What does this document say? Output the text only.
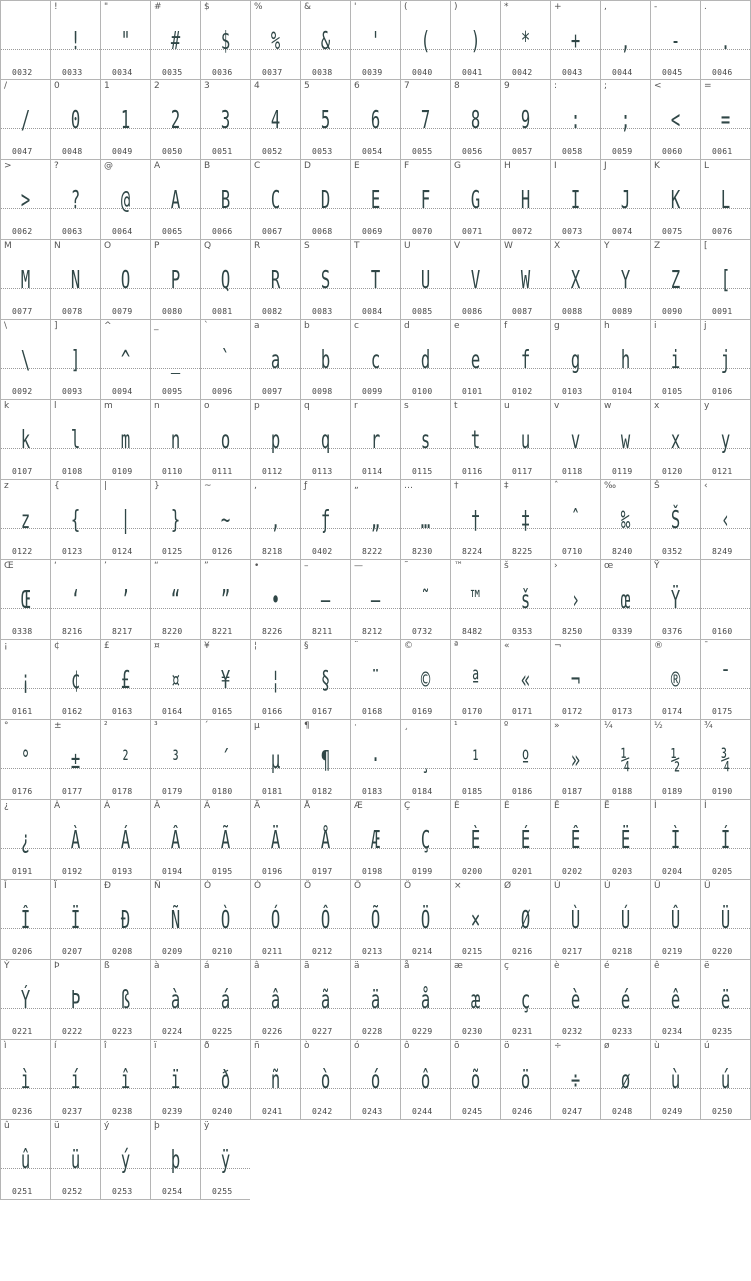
0032
!
!
0033
"
"
0034
#
#
0035
$
$
0036
%
%
0037
&
&
0038
'
'
0039
(
(
0040
)
)
0041
*
*
0042
+
+
0043
,
,
0044
-
-
0045
.
.
0046
/
/
0047
0
0
0048
1
1
0049
2
2
0050
3
3
0051
4
4
0052
5
5
0053
6
6
0054
7
7
0055
8
8
0056
9
9
0057
:
:
0058
;
;
0059
<
<
0060
=
=
0061
>
>
0062
?
?
0063
@
@
0064
A
A
0065
B
B
0066
C
C
0067
D
D
0068
E
E
0069
F
F
0070
G
G
0071
H
H
0072
I
I
0073
J
J
0074
K
K
0075
L
L
0076
M
M
0077
N
N
0078
O
O
0079
P
P
0080
Q
Q
0081
R
R
0082
S
S
0083
T
T
0084
U
U
0085
V
V
0086
W
W
0087
X
X
0088
Y
Y
0089
Z
Z
0090
[
[
0091
\
\
0092
]
]
0093
^
^
0094
_
_
0095
`
`
0096
a
a
0097
b
b
0098
c
c
0099
d
d
0100
e
e
0101
f
f
0102
g
g
0103
h
h
0104
i
i
0105
j
j
0106
k
k
0107
l
l
0108
m
m
0109
n
n
0110
o
o
0111
p
p
0112
q
q
0113
r
r
0114
s
s
0115
t
t
0116
u
u
0117
v
v
0118
w
w
0119
x
x
0120
y
y
0121
z
z
0122
{
{
0123
|
|
0124
}
}
0125
~
~
0126
‚
‚
8218
ƒ
ƒ
0402
„
„
8222
…
…
8230
†
†
8224
‡
‡
8225
ˆ
ˆ
0710
‰
‰
8240
Š
Š
0352
‹
‹
8249
Œ
Œ
0338
‘
‘
8216
’
’
8217
“
“
8220
”
”
8221
•
•
8226
–
–
8211
—
—
8212
˜
˜
0732
™
™
8482
š
š
0353
›
›
8250
œ
œ
0339
Ÿ
Ÿ
0376	0160
¡
¡
0161
¢
¢
0162
£
£
0163
¤
¤
0164
¥
¥
0165
¦
¦
0166
§
§
0167
¨
¨
0168
©
©
0169
ª
ª
0170
«
«
0171
¬
¬
0172	0173
®
®
0174
¯
¯
0175
°
°
0176
±
±
0177
²
²
0178
³
³
0179
´
´
0180
µ
µ
0181
¶
¶
0182
·
·
0183
¸
¸
0184
¹
¹
0185
º
º
0186
»
»
0187
¼
¼
0188
½
½
0189
¾
¾
0190
¿
¿
0191
À
À
0192
Á
Á
0193
Â
Â
0194
Ã
Ã
0195
Ä
Ä
0196
Å
Å
0197
Æ
Æ
0198
Ç
Ç
0199
È
È
0200
É
É
0201
Ê
Ê
0202
Ë
Ë
0203
Ì
Ì
0204
Í
Í
0205
Î
Î
0206
Ï
Ï
0207
Ð
Ð
0208
Ñ
Ñ
0209
Ò
Ò
0210
Ó
Ó
0211
Ô
Ô
0212
Õ
Õ
0213
Ö
Ö
0214
×
×
0215
Ø
Ø
0216
Ù
Ù
0217
Ú
Ú
0218
Û
Û
0219
Ü
Ü
0220
Ý
Ý
0221
Þ
Þ
0222
ß
ß
0223
à
à
0224
á
á
0225
â
â
0226
ã
ã
0227
ä
ä
0228
å
å
0229
æ
æ
0230
ç
ç
0231
è
è
0232
é
é
0233
ê
ê
0234
ë
ë
0235
ì
ì
0236
í
í
0237
î
î
0238
ï
ï
0239
ð
ð
0240
ñ
ñ
0241
ò
ò
0242
ó
ó
0243
ô
ô
0244
õ
õ
0245
ö
ö
0246
÷
÷
0247
ø
ø
0248
ù
ù
0249
ú
ú
0250
û
û
0251
ü
ü
0252
ý
ý
0253
þ
þ
0254
ÿ
ÿ
0255
